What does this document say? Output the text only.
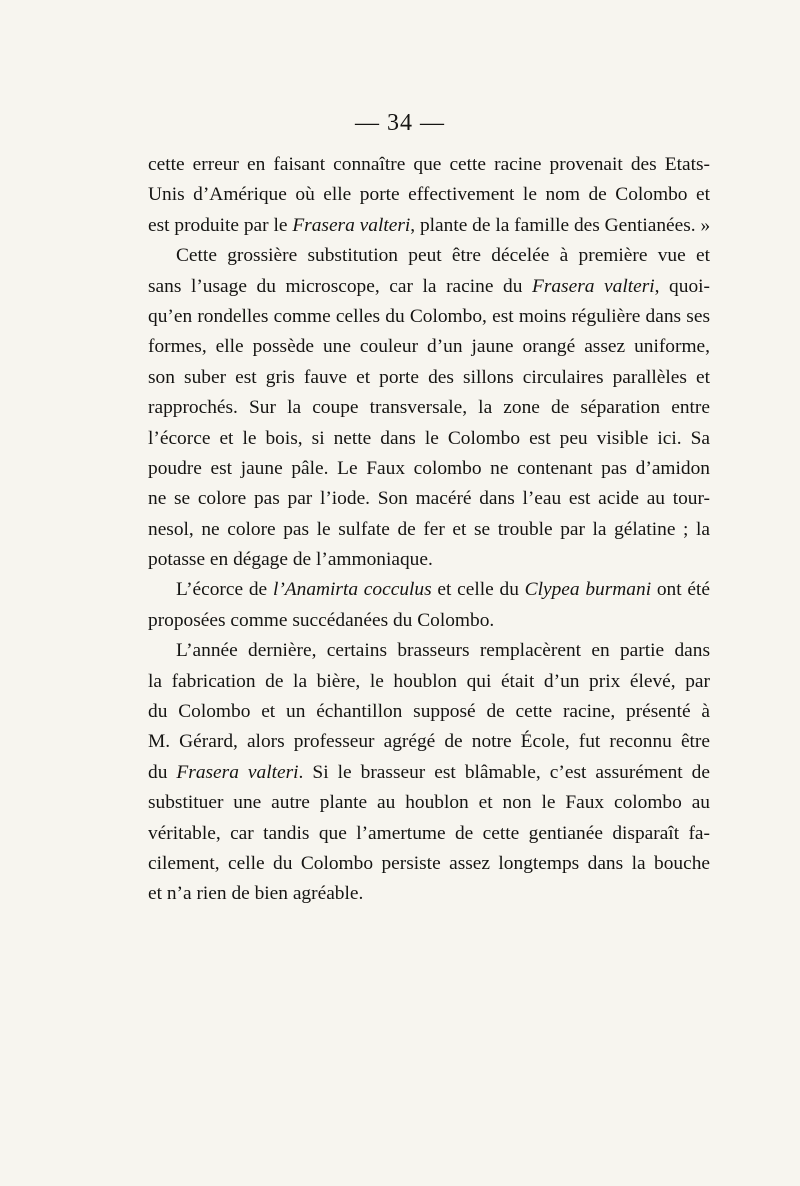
— 34 —
cette erreur en faisant connaître que cette racine provenait des Etats-
Unis d’Amérique où elle porte effectivement le nom de Colombo et
est produite par le Frasera valteri, plante de la famille des Gentianées. »
Cette grossière substitution peut être décelée à première vue et
sans l’usage du microscope, car la racine du Frasera valteri, quoi-
qu’en rondelles comme celles du Colombo, est moins régulière dans ses
formes, elle possède une couleur d’un jaune orangé assez uniforme,
son suber est gris fauve et porte des sillons circulaires parallèles et
rapprochés. Sur la coupe transversale, la zone de séparation entre
l’écorce et le bois, si nette dans le Colombo est peu visible ici. Sa
poudre est jaune pâle. Le Faux colombo ne contenant pas d’amidon
ne se colore pas par l’iode. Son macéré dans l’eau est acide au tour-
nesol, ne colore pas le sulfate de fer et se trouble par la gélatine ; la
potasse en dégage de l’ammoniaque.
L’écorce de l’Anamirta cocculus et celle du Clypea burmani ont été
proposées comme succédanées du Colombo.
L’année dernière, certains brasseurs remplacèrent en partie dans
la fabrication de la bière, le houblon qui était d’un prix élevé, par
du Colombo et un échantillon supposé de cette racine, présenté à
M. Gérard, alors professeur agrégé de notre École, fut reconnu être
du Frasera valteri. Si le brasseur est blâmable, c’est assurément de
substituer une autre plante au houblon et non le Faux colombo au
véritable, car tandis que l’amertume de cette gentianée disparaît fa-
cilement, celle du Colombo persiste assez longtemps dans la bouche
et n’a rien de bien agréable.
